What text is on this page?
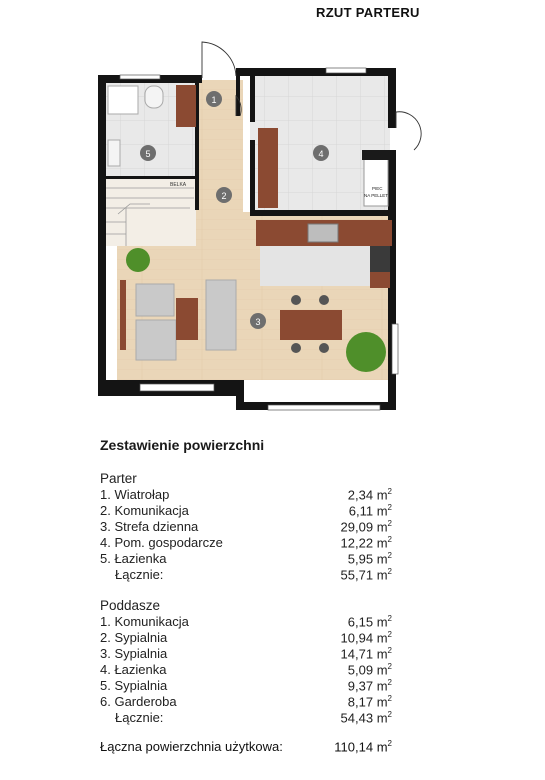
RZUT PARTERU
BELKA
PIEC
NA PELLET
1
2
3
4
5
Zestawienie powierzchni
Parter
1. Wiatrołap	2,34 $m^2$
2. Komunikacja	6,11 $m^2$
3. Strefa dzienna	29,09 $m^2$
4. Pom. gospodarcze	12,22 $m^2$
5. Łazienka	5,95 $m^2$
Łącznie:	55,71 $m^2$
Poddasze
1. Komunikacja	6,15 $m^2$
2. Sypialnia	10,94 $m^2$
3. Sypialnia	14,71 $m^2$
4. Łazienka	5,09 $m^2$
5. Sypialnia	9,37 $m^2$
6. Garderoba	8,17 $m^2$
Łącznie:	54,43 $m^2$
Łączna powierzchnia użytkowa:	110,14 $m^2$
